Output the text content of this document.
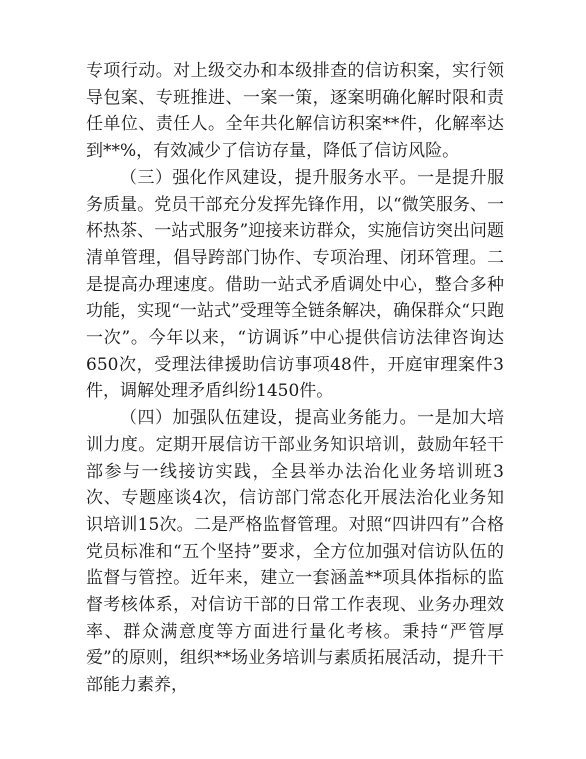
专项行动。对上级交办和本级排查的信访积案，实行领导包案、专班推进、一案一策，逐案明确化解时限和责任单位、责任人。全年共化解信访积案**件，化解率达到**%，有效减少了信访存量，降低了信访风险。

（三）强化作风建设，提升服务水平。一是提升服务质量。党员干部充分发挥先锋作用，以“微笑服务、一杯热茶、一站式服务”迎接来访群众，实施信访突出问题清单管理，倡导跨部门协作、专项治理、闭环管理。二是提高办理速度。借助一站式矛盾调处中心，整合多种功能，实现“一站式”受理等全链条解决，确保群众“只跑一次”。今年以来，“访调诉”中心提供信访法律咨询达650次，受理法律援助信访事项48件，开庭审理案件3件，调解处理矛盾纠纷1450件。

（四）加强队伍建设，提高业务能力。一是加大培训力度。定期开展信访干部业务知识培训，鼓励年轻干部参与一线接访实践，全县举办法治化业务培训班3次、专题座谈4次，信访部门常态化开展法治化业务知识培训15次。二是严格监督管理。对照“四讲四有”合格党员标准和“五个坚持”要求，全方位加强对信访队伍的监督与管控。近年来，建立一套涵盖**项具体指标的监督考核体系，对信访干部的日常工作表现、业务办理效率、群众满意度等方面进行量化考核。秉持“严管厚爱”的原则，组织**场业务培训与素质拓展活动，提升干部能力素养，
